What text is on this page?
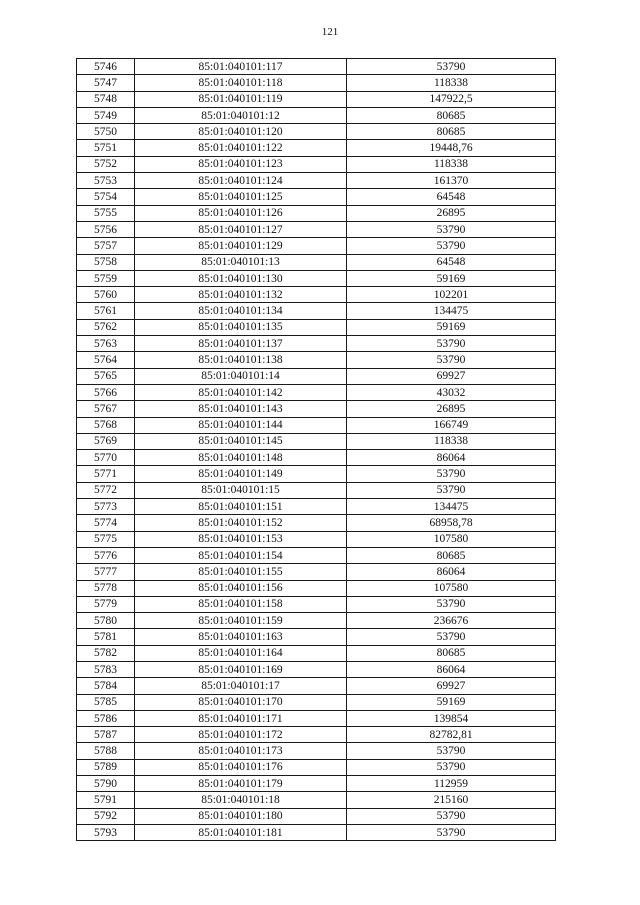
121
5746	85:01:040101:117	53790
5747	85:01:040101:118	118338
5748	85:01:040101:119	147922,5
5749	85:01:040101:12	80685
5750	85:01:040101:120	80685
5751	85:01:040101:122	19448,76
5752	85:01:040101:123	118338
5753	85:01:040101:124	161370
5754	85:01:040101:125	64548
5755	85:01:040101:126	26895
5756	85:01:040101:127	53790
5757	85:01:040101:129	53790
5758	85:01:040101:13	64548
5759	85:01:040101:130	59169
5760	85:01:040101:132	102201
5761	85:01:040101:134	134475
5762	85:01:040101:135	59169
5763	85:01:040101:137	53790
5764	85:01:040101:138	53790
5765	85:01:040101:14	69927
5766	85:01:040101:142	43032
5767	85:01:040101:143	26895
5768	85:01:040101:144	166749
5769	85:01:040101:145	118338
5770	85:01:040101:148	86064
5771	85:01:040101:149	53790
5772	85:01:040101:15	53790
5773	85:01:040101:151	134475
5774	85:01:040101:152	68958,78
5775	85:01:040101:153	107580
5776	85:01:040101:154	80685
5777	85:01:040101:155	86064
5778	85:01:040101:156	107580
5779	85:01:040101:158	53790
5780	85:01:040101:159	236676
5781	85:01:040101:163	53790
5782	85:01:040101:164	80685
5783	85:01:040101:169	86064
5784	85:01:040101:17	69927
5785	85:01:040101:170	59169
5786	85:01:040101:171	139854
5787	85:01:040101:172	82782,81
5788	85:01:040101:173	53790
5789	85:01:040101:176	53790
5790	85:01:040101:179	112959
5791	85:01:040101:18	215160
5792	85:01:040101:180	53790
5793	85:01:040101:181	53790
